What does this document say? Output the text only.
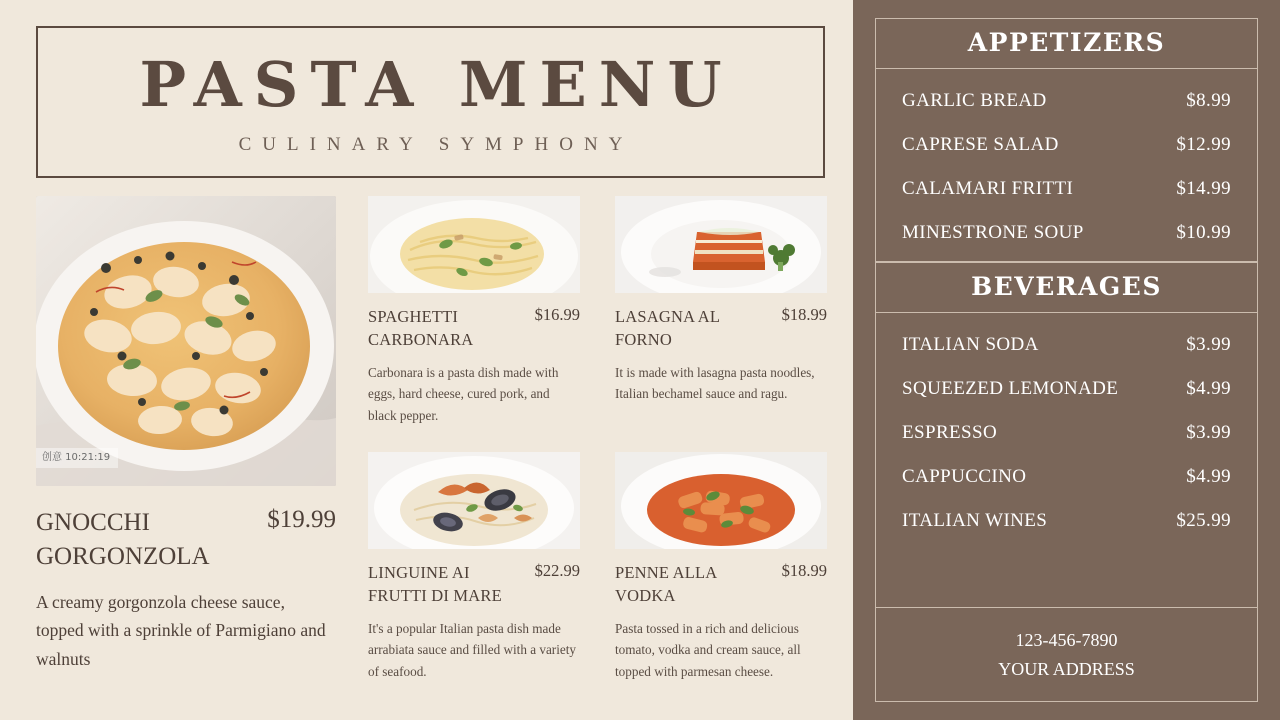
PASTA MENU
CULINARY SYMPHONY
创意 10:21:19
GNOCCHI GORGONZOLA
$19.99
A creamy gorgonzola cheese sauce, topped with a sprinkle of Parmigiano and walnuts
SPAGHETTI CARBONARA
$16.99
Carbonara is a pasta dish made with eggs, hard cheese, cured pork, and black pepper.
LASAGNA AL FORNO
$18.99
It is made with lasagna pasta noodles, Italian bechamel sauce and ragu.
LINGUINE AI FRUTTI DI MARE
$22.99
It's a popular Italian pasta dish made arrabiata sauce and filled with a variety of seafood.
PENNE ALLA VODKA
$18.99
Pasta tossed in a rich and delicious tomato, vodka and cream sauce, all topped with parmesan cheese.
APPETIZERS
GARLIC BREAD	$8.99
CAPRESE SALAD	$12.99
CALAMARI FRITTI	$14.99
MINESTRONE SOUP	$10.99
BEVERAGES
ITALIAN SODA	$3.99
SQUEEZED LEMONADE	$4.99
ESPRESSO	$3.99
CAPPUCCINO	$4.99
ITALIAN WINES	$25.99
123-456-7890
YOUR ADDRESS
